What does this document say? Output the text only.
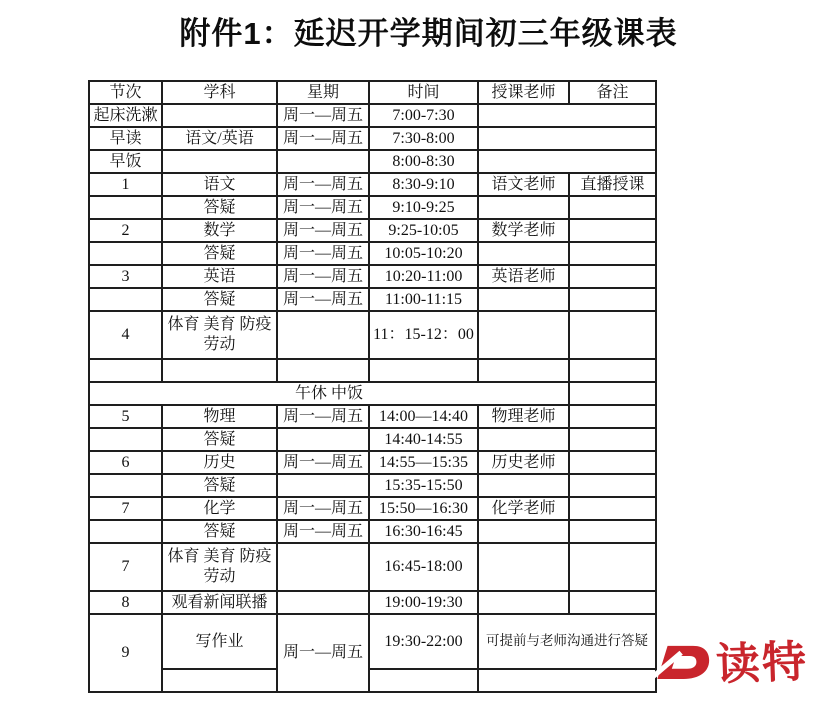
附件1：延迟开学期间初三年级课表
节次	学科	星期	时间	授课老师	备注
起床洗漱		周一—周五	7:00-7:30		
早读	语文/英语	周一—周五	7:30-8:00		
早饭			8:00-8:30		
1	语文	周一—周五	8:30-9:10	语文老师	直播授课
	答疑	周一—周五	9:10-9:25		
2	数学	周一—周五	9:25-10:05	数学老师	
	答疑	周一—周五	10:05-10:20		
3	英语	周一—周五	10:20-11:00	英语老师	
	答疑	周一—周五	11:00-11:15		
4	体育 美育 防疫 劳动		11：15-12：00		

午休 中饭					
5	物理	周一—周五	14:00—14:40	物理老师	
	答疑		14:40-14:55		
6	历史	周一—周五	14:55—15:35	历史老师	
	答疑		15:35-15:50		
7	化学	周一—周五	15:50—16:30	化学老师	
	答疑	周一—周五	16:30-16:45		
7	体育 美育 防疫 劳动		16:45-18:00		
8	观看新闻联播		19:00-19:30		
9	写作业	周一—周五	19:30-22:00	可提前与老师沟通进行答疑	
		读特
